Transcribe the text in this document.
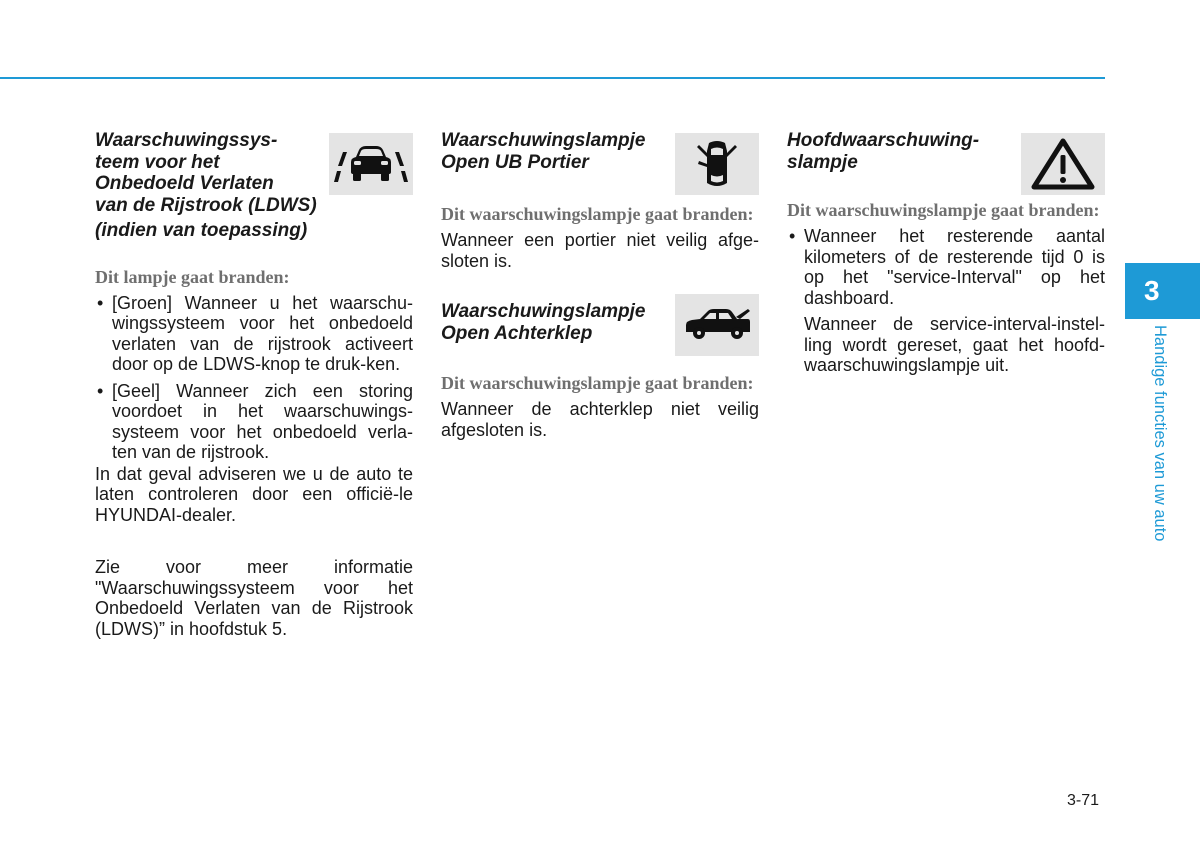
Waarschuwingssys-
teem voor het
Onbedoeld Verlaten
van de Rijstrook (LDWS)
(indien van toepassing)

Dit lampje gaat branden:

• [Groen] Wanneer u het waarschu-wingssysteem voor het onbedoeld verlaten van de rijstrook activeert door op de LDWS-knop te druk-ken.

• [Geel] Wanneer zich een storing voordoet in het waarschuwings-systeem voor het onbedoeld verla-ten van de rijstrook.

In dat geval adviseren we u de auto te laten controleren door een officië-le HYUNDAI-dealer.

Zie voor meer informatie "Waarschuwingssysteem voor het Onbedoeld Verlaten van de Rijstrook (LDWS)” in hoofdstuk 5.

Waarschuwingslampje
Open UB Portier

Dit waarschuwingslampje gaat branden:

Wanneer een portier niet veilig afge-sloten is.

Waarschuwingslampje
Open Achterklep

Dit waarschuwingslampje gaat branden:

Wanneer de achterklep niet veilig afgesloten is.

Hoofdwaarschuwing-
slampje

Dit waarschuwingslampje gaat branden:

• Wanneer het resterende aantal kilometers of de resterende tijd 0 is op het "service-Interval" op het dashboard.

Wanneer de service-interval-instel-ling wordt gereset, gaat het hoofd-waarschuwingslampje uit.

3
Handige functies van uw auto
3-71
